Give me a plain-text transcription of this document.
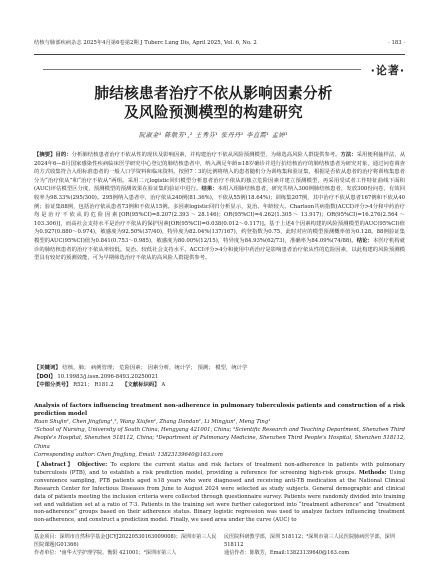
结核与肺部疾病杂志 2025年4月第6卷第2期 J Tuberc Lung Dis, April 2025, Vol. 6, No. 2	· 183 ·
·论著·
肺结核患者治疗不依从影响因素分析
及风险预测模型的构建研究
阮淑金¹ 陈敬芳¹,² 王秀芬¹ 张丹丹¹ 李直霞¹ 孟婷¹
【摘要】目的：分析肺结核患者治疗不依从性的现状及影响因素，并构建治疗不依从风险预测模型，为筛选高风险人群提供参考。方法：采用便利抽样法，从2024年6—8月国家感染性疾病临床医学研究中心登记的肺结核患者中，纳入满足年龄≥18岁确诊并进行抗结核治疗的肺结核患者为研究对象，通过问卷调查的方式收集符合入组标准患者的一般人口学资料和临床资料。按照7∶3的比例将纳入的患者随机分为训练集和验证集，根据是否依从患者的治疗将训练集患者分为“治疗依从”和“治疗不依从”两组。采用二元logistic回归模型分析患者治疗不依从的独立危险因素并建立预测模型，再采用受试者工作特征曲线下面积(AUC)评估模型区分度，预测模型的预测效果在验证集的验证中进行。结果：本组入组肺结核患者，研究共纳入300例肺结核患者，发放300份问卷，有效回收率为98.33%(295/300)。295例纳入患者中，治疗依从240例(81.36%)，不依从55例(18.64%)；训练集207例，其中治疗不依从患者167例和不依从40例；验证集88例，包括治疗依从患者73例和不依从15例。多因素logistic回归分析显示，复治、年龄较大、Charlson共病指数(ACCI)评分>4分和中药治疗均是治疗不依从的危险因素[OR(95%CI)=8.207(2.393～28.146)；OR(95%CI)=4.262(1.305～13.917)；OR(95%CI)=16.276(2.564～103.306)]，而高社会支持水平是治疗不依从的保护因素[OR(95%CI)=0.038(0.012～0.117)]。基于上述4个因素构建的风险预测模型的AUC(95%CI)值为0.927(0.880～0.974)，敏感度为92.50%(37/40)，特异度为82.04%(137/167)，约登指数为0.75，此时对应的模型预测概率值为0.128。88例验证集模型的AUC(95%CI)值为0.841(0.753～0.985)，敏感度为80.00%(12/15)，特异度为84.93%(62/73)，准确率为84.09%(74/88)。结论：本医疗机构就诊的肺结核患者的治疗不依从率较低。复治、较低社会支持水平、ACCI评分>4分和使用中药治疗是影响患者治疗依从性的危险因素，以此构建的风险预测模型具有较好的预测效能，可为早期筛选治疗不依从的高风险人群提供参考。
【关键词】 结核，肺； 病例管理； 危险因素； 因素分析，统计学； 预测； 模型，统计学
【DOI】 10.19983/j.issn.2096-8493.20250021
【中图分类号】 R521； R181.2 【文献标识码】 A
Analysis of factors influencing treatment non-adherence in pulmonary tuberculosis patients and construction of a risk prediction model
Ruan Shujin¹, Chen Jingfang¹,², Wang Xiufen¹, Zhang Dandan¹, Li Mingjun¹, Meng Ting¹
¹School of Nursing, University of South China, Hengyang 421001, China; ²Scientific Research and Teaching Department, Shenzhen Third People's Hospital, Shenzhen 518112, China; ³Department of Pulmonary Medicine, Shenzhen Third People's Hospital, Shenzhen 518112, China
Corresponding author: Chen Jingfang, Email: 13823139640@163.com
【Abstract】 Objective: To explore the current status and risk factors of treatment non-adherence in patients with pulmonary tuberculosis (PTB), and to establish a risk prediction model, providing a reference for screening high-risk groups. Methods: Using convenience sampling, PTB patients aged ≥18 years who were diagnosed and receiving anti-TB medication at the National Clinical Research Center for Infectious Diseases from June to August 2024 were selected as study subjects. General demographic and clinical data of patients meeting the inclusion criteria were collected through questionnaire survey. Patients were randomly divided into training set and validation set at a ratio of 7∶3. Patients in the training set were further categorized into “treatment adherence” and “treatment non-adherence” groups based on their adherence status. Binary logistic regression was used to analyze factors influencing treatment non-adherence, and construct a prediction model. Finally, we used area under the curve (AUC) to
基金项目：深圳市自然科学基金(JCYJ20220530163009008)；深圳市第三人民医院课题(G01366)
作者单位：¹南华大学护理学院，衡阳 421001；²深圳市第三人
民医院科研教学部，深圳 518112；³深圳市第三人民医院肺病医学部，深圳 518112
通信作者：陈敬芳，Email:13823139640@163.com
